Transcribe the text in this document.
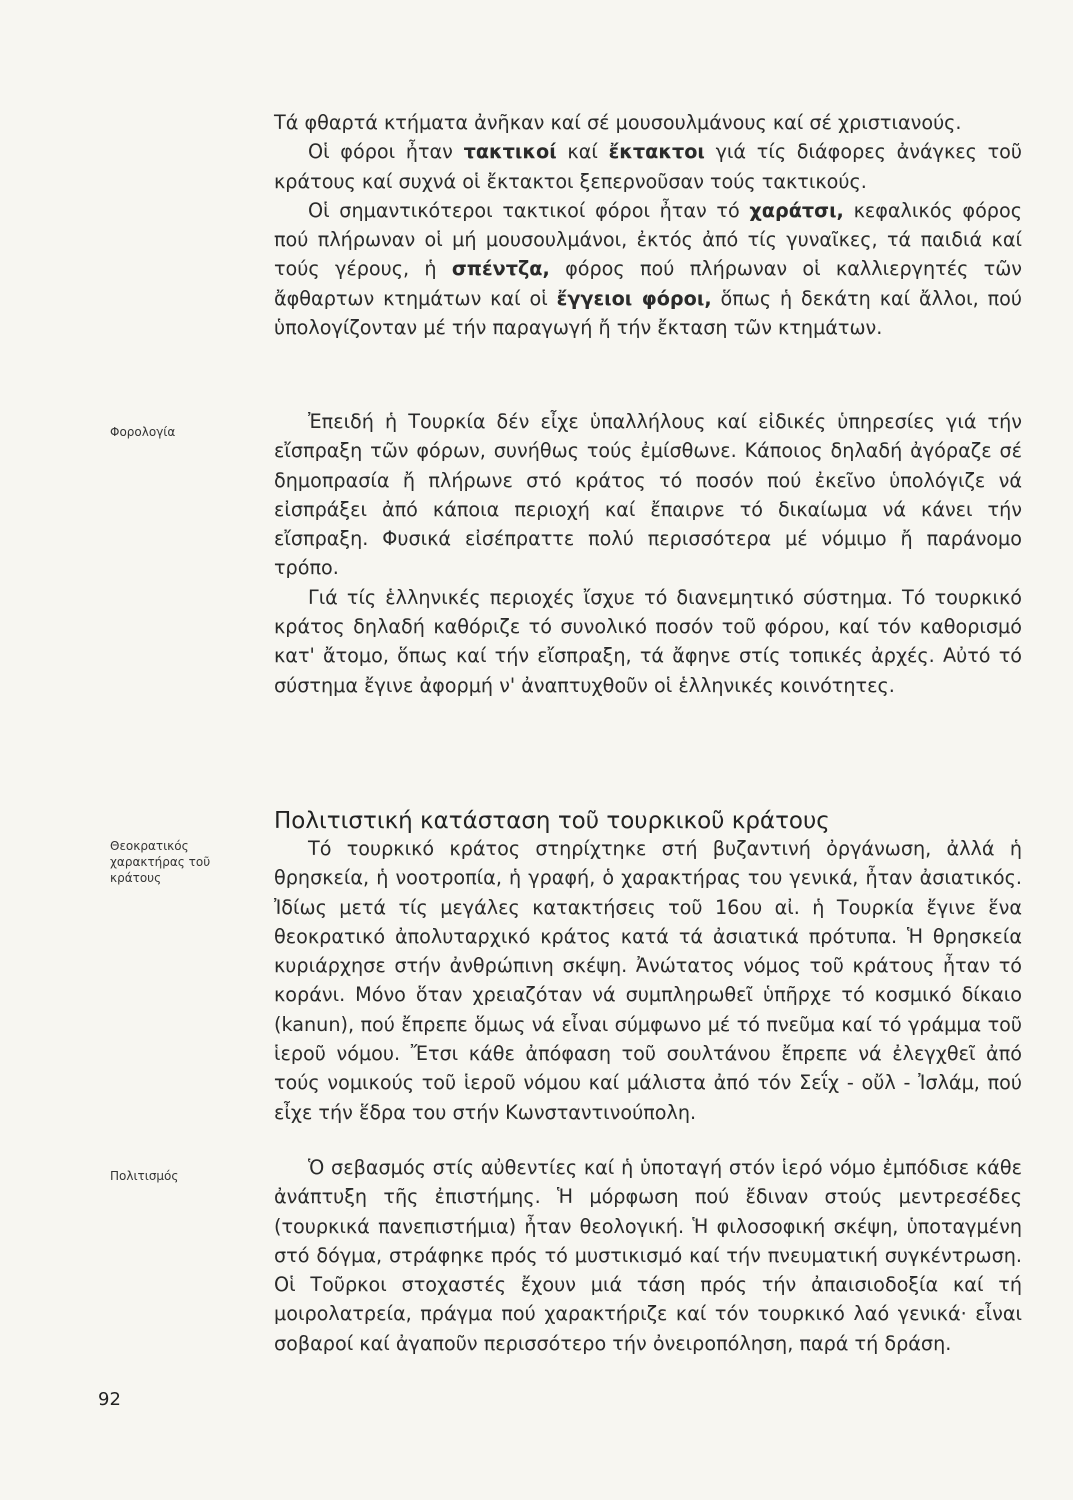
Τά φθαρτά κτήματα ἀνῆκαν καί σέ μουσουλμάνους καί σέ χριστιανούς.

Οἱ φόροι ἦταν τακτικοί καί ἔκτακτοι γιά τίς διάφορες ἀνάγκες τοῦ κράτους καί συχνά οἱ ἔκτακτοι ξεπερνοῦσαν τούς τακτικούς.

Οἱ σημαντικότεροι τακτικοί φόροι ἦταν τό χαράτσι, κεφαλικός φόρος πού πλήρωναν οἱ μή μουσουλμάνοι, ἐκτός ἀπό τίς γυναῖκες, τά παιδιά καί τούς γέρους, ἡ σπέντζα, φόρος πού πλήρωναν οἱ καλλιεργητές τῶν ἄφθαρτων κτημάτων καί οἱ ἔγγειοι φόροι, ὅπως ἡ δεκάτη καί ἄλλοι, πού ὑπολογίζονταν μέ τήν παραγωγή ἤ τήν ἔκταση τῶν κτημάτων.

Φορολογία	Ἐπειδή ἡ Τουρκία δέν εἶχε ὑπαλλήλους καί εἰδικές ὑπηρεσίες γιά τήν εἴσπραξη τῶν φόρων, συνήθως τούς ἐμίσθωνε. Κάποιος δηλαδή ἀγόραζε σέ δημοπρασία ἤ πλήρωνε στό κράτος τό ποσόν πού ἐκεῖνο ὑπολόγιζε νά εἰσπράξει ἀπό κάποια περιοχή καί ἔπαιρνε τό δικαίωμα νά κάνει τήν εἴσπραξη. Φυσικά εἰσέπραττε πολύ περισσότερα μέ νόμιμο ἤ παράνομο τρόπο.

Γιά τίς ἑλληνικές περιοχές ἴσχυε τό διανεμητικό σύστημα. Τό τουρκικό κράτος δηλαδή καθόριζε τό συνολικό ποσόν τοῦ φόρου, καί τόν καθορισμό κατ' ἄτομο, ὅπως καί τήν εἴσπραξη, τά ἄφηνε στίς τοπικές ἀρχές. Αὐτό τό σύστημα ἔγινε ἀφορμή ν' ἀναπτυχθοῦν οἱ ἑλληνικές κοινότητες.

Πολιτιστική κατάσταση τοῦ τουρκικοῦ κράτους
Θεοκρατικός χαρακτήρας τοῦ κράτους

Τό τουρκικό κράτος στηρίχτηκε στή βυζαντινή ὀργάνωση, ἀλλά ἡ θρησκεία, ἡ νοοτροπία, ἡ γραφή, ὁ χαρακτήρας του γενικά, ἦταν ἀσιατικός. Ἰδίως μετά τίς μεγάλες κατακτήσεις τοῦ 16ου αἰ. ἡ Τουρκία ἔγινε ἕνα θεοκρατικό ἀπολυταρχικό κράτος κατά τά ἀσιατικά πρότυπα. Ἡ θρησκεία κυριάρχησε στήν ἀνθρώπινη σκέψη. Ἀνώτατος νόμος τοῦ κράτους ἦταν τό κοράνι. Μόνο ὅταν χρειαζόταν νά συμπληρωθεῖ ὑπῆρχε τό κοσμικό δίκαιο (kanun), πού ἔπρεπε ὅμως νά εἶναι σύμφωνο μέ τό πνεῦμα καί τό γράμμα τοῦ ἱεροῦ νόμου. Ἔτσι κάθε ἀπόφαση τοῦ σουλτάνου ἔπρεπε νά ἐλεγχθεῖ ἀπό τούς νομικούς τοῦ ἱεροῦ νόμου καί μάλιστα ἀπό τόν Σεΐχ - οὔλ - Ἰσλάμ, πού εἶχε τήν ἕδρα του στήν Κωνσταντινούπολη.

Πολιτισμός	Ὁ σεβασμός στίς αὐθεντίες καί ἡ ὑποταγή στόν ἱερό νόμο ἐμπόδισε κάθε ἀνάπτυξη τῆς ἐπιστήμης. Ἡ μόρφωση πού ἔδιναν στούς μεντρεσέδες (τουρκικά πανεπιστήμια) ἦταν θεολογική. Ἡ φιλοσοφική σκέψη, ὑποταγμένη στό δόγμα, στράφηκε πρός τό μυστικισμό καί τήν πνευματική συγκέντρωση. Οἱ Τοῦρκοι στοχαστές ἔχουν μιά τάση πρός τήν ἀπαισιοδοξία καί τή μοιρολατρεία, πράγμα πού χαρακτήριζε καί τόν τουρκικό λαό γενικά· εἶναι σοβαροί καί ἀγαποῦν περισσότερο τήν ὀνειροπόληση, παρά τή δράση.

92
